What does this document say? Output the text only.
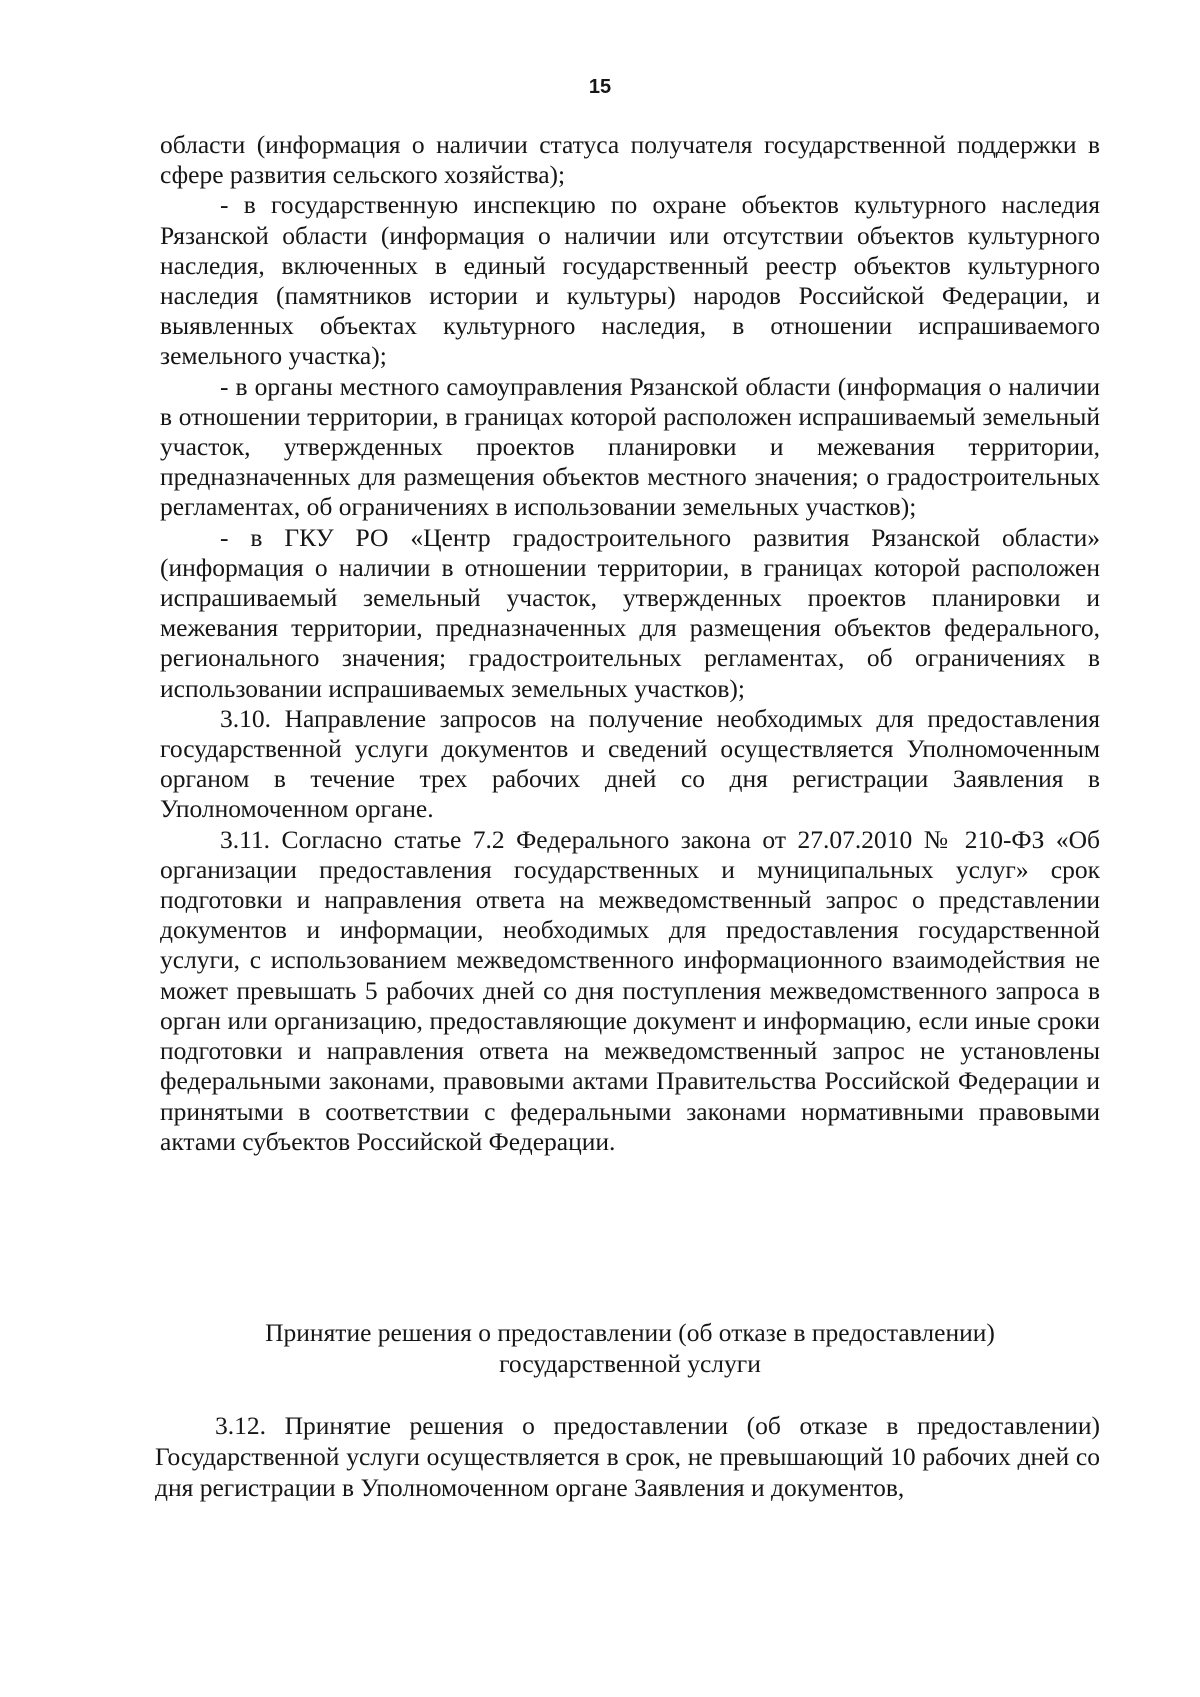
15

области (информация о наличии статуса получателя государственной поддержки в сфере развития сельского хозяйства);

- в государственную инспекцию по охране объектов культурного наследия Рязанской области (информация о наличии или отсутствии объектов культурного наследия, включенных в единый государственный реестр объектов культурного наследия (памятников истории и культуры) народов Российской Федерации, и выявленных объектах культурного наследия, в отношении испрашиваемого земельного участка);

- в органы местного самоуправления Рязанской области (информация о наличии в отношении территории, в границах которой расположен испрашиваемый земельный участок, утвержденных проектов планировки и межевания территории, предназначенных для размещения объектов местного значения; о градостроительных регламентах, об ограничениях в использовании земельных участков);

- в ГКУ РО «Центр градостроительного развития Рязанской области» (информация о наличии в отношении территории, в границах которой расположен испрашиваемый земельный участок, утвержденных проектов планировки и межевания территории, предназначенных для размещения объектов федерального, регионального значения; градостроительных регламентах, об ограничениях в использовании испрашиваемых земельных участков);

3.10. Направление запросов на получение необходимых для предоставления государственной услуги документов и сведений осуществляется Уполномоченным органом в течение трех рабочих дней со дня регистрации Заявления в Уполномоченном органе.

3.11. Согласно статье 7.2 Федерального закона от 27.07.2010 № 210-ФЗ «Об организации предоставления государственных и муниципальных услуг» срок подготовки и направления ответа на межведомственный запрос о представлении документов и информации, необходимых для предоставления государственной услуги, с использованием межведомственного информационного взаимодействия не может превышать 5 рабочих дней со дня поступления межведомственного запроса в орган или организацию, предоставляющие документ и информацию, если иные сроки подготовки и направления ответа на межведомственный запрос не установлены федеральными законами, правовыми актами Правительства Российской Федерации и принятыми в соответствии с федеральными законами нормативными правовыми актами субъектов Российской Федерации.

Принятие решения о предоставлении (об отказе в предоставлении)
государственной услуги

3.12. Принятие решения о предоставлении (об отказе в предоставлении) Государственной услуги осуществляется в срок, не превышающий 10 рабочих дней со дня регистрации в Уполномоченном органе Заявления и документов,
